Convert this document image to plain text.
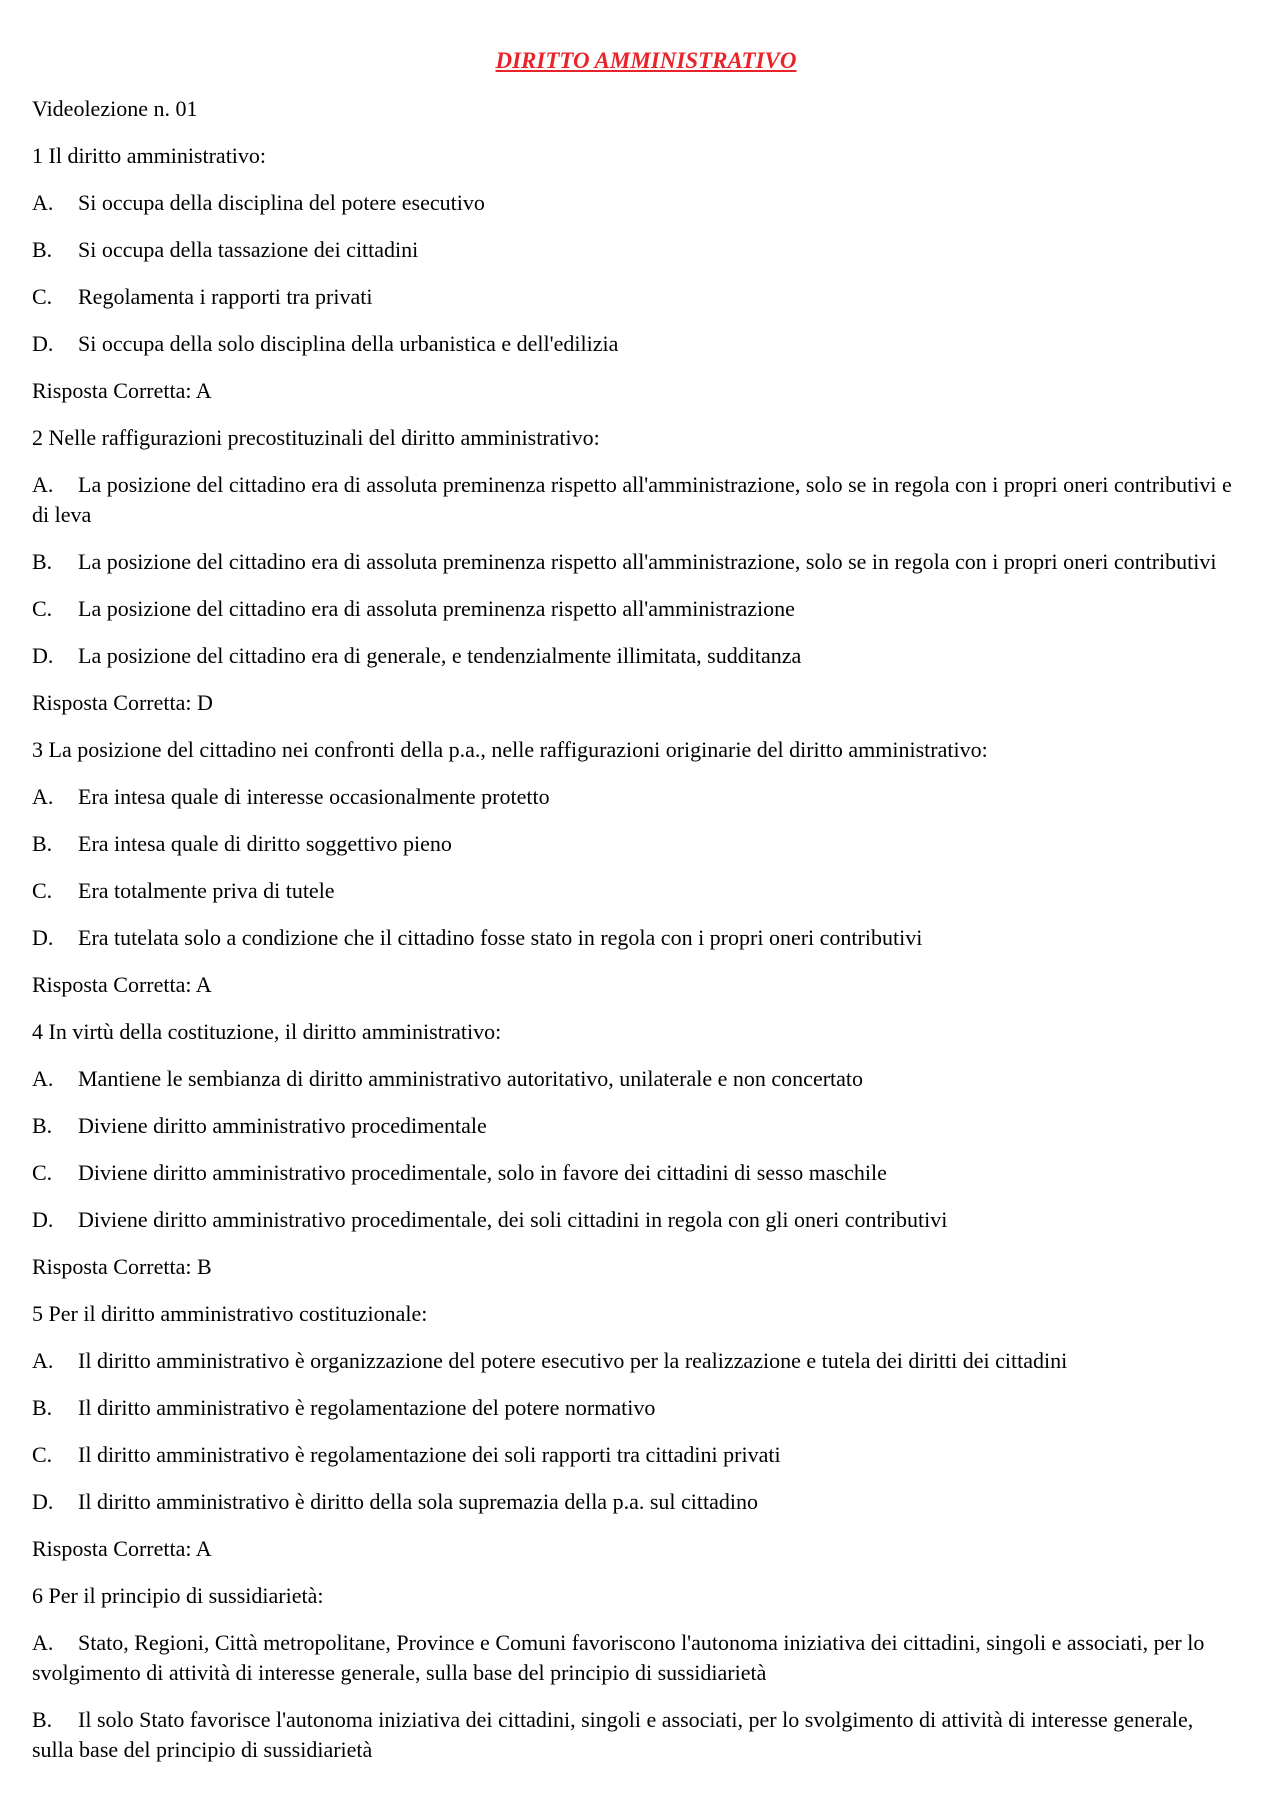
DIRITTO AMMINISTRATIVO
Videolezione n. 01
1 Il diritto amministrativo:
A. Si occupa della disciplina del potere esecutivo
B. Si occupa della tassazione dei cittadini
C. Regolamenta i rapporti tra privati
D. Si occupa della solo disciplina della urbanistica e dell'edilizia
Risposta Corretta: A
2 Nelle raffigurazioni precostituzinali del diritto amministrativo:
A. La posizione del cittadino era di assoluta preminenza rispetto all'amministrazione, solo se in regola con i propri oneri contributivi e di leva
B. La posizione del cittadino era di assoluta preminenza rispetto all'amministrazione, solo se in regola con i propri oneri contributivi
C. La posizione del cittadino era di assoluta preminenza rispetto all'amministrazione
D. La posizione del cittadino era di generale, e tendenzialmente illimitata, sudditanza
Risposta Corretta: D
3 La posizione del cittadino nei confronti della p.a., nelle raffigurazioni originarie del diritto amministrativo:
A. Era intesa quale di interesse occasionalmente protetto
B. Era intesa quale di diritto soggettivo pieno
C. Era totalmente priva di tutele
D. Era tutelata solo a condizione che il cittadino fosse stato in regola con i propri oneri contributivi
Risposta Corretta: A
4 In virtù della costituzione, il diritto amministrativo:
A. Mantiene le sembianza di diritto amministrativo autoritativo, unilaterale e non concertato
B. Diviene diritto amministrativo procedimentale
C. Diviene diritto amministrativo procedimentale, solo in favore dei cittadini di sesso maschile
D. Diviene diritto amministrativo procedimentale, dei soli cittadini in regola con gli oneri contributivi
Risposta Corretta: B
5 Per il diritto amministrativo costituzionale:
A. Il diritto amministrativo è organizzazione del potere esecutivo per la realizzazione e tutela dei diritti dei cittadini
B. Il diritto amministrativo è regolamentazione del potere normativo
C. Il diritto amministrativo è regolamentazione dei soli rapporti tra cittadini privati
D. Il diritto amministrativo è diritto della sola supremazia della p.a. sul cittadino
Risposta Corretta: A
6 Per il principio di sussidiarietà:
A. Stato, Regioni, Città metropolitane, Province e Comuni favoriscono l'autonoma iniziativa dei cittadini, singoli e associati, per lo svolgimento di attività di interesse generale, sulla base del principio di sussidiarietà
B. Il solo Stato favorisce l'autonoma iniziativa dei cittadini, singoli e associati, per lo svolgimento di attività di interesse generale, sulla base del principio di sussidiarietà
